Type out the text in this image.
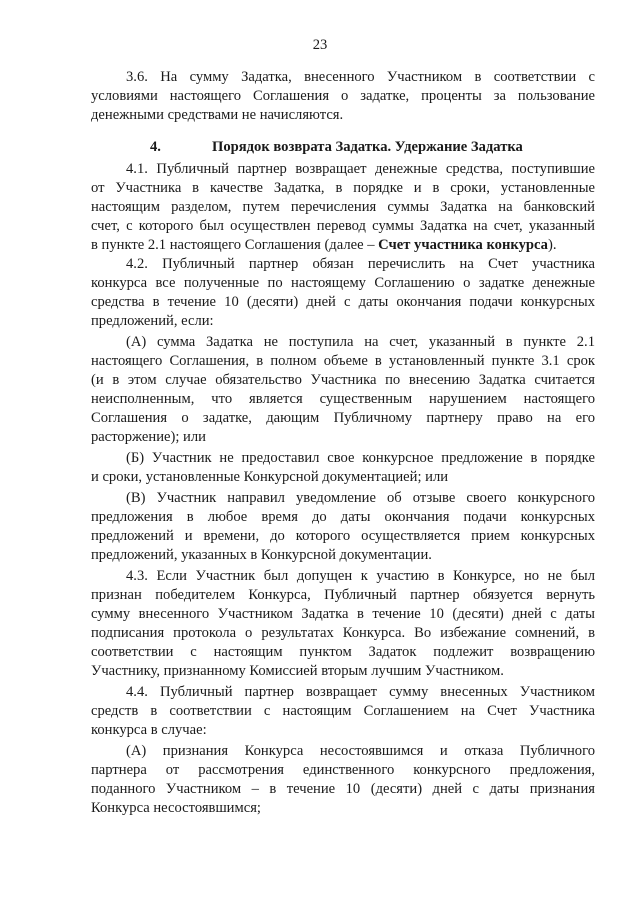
23
3.6. На сумму Задатка, внесенного Участником в соответствии с
условиями настоящего Соглашения о задатке, проценты за пользование
денежными средствами не начисляются.
4.	Порядок возврата Задатка. Удержание Задатка
4.1. Публичный партнер возвращает денежные средства, поступившие
от Участника в качестве Задатка, в порядке и в сроки, установленные
настоящим разделом, путем перечисления суммы Задатка на банковский
счет, с которого был осуществлен перевод суммы Задатка на счет, указанный
в пункте 2.1 настоящего Соглашения (далее – Счет участника конкурса).
4.2. Публичный партнер обязан перечислить на Счет участника
конкурса все полученные по настоящему Соглашению о задатке денежные
средства в течение 10 (десяти) дней с даты окончания подачи конкурсных
предложений, если:
(А) сумма Задатка не поступила на счет, указанный в пункте 2.1
настоящего Соглашения, в полном объеме в установленный пункте 3.1 срок
(и в этом случае обязательство Участника по внесению Задатка считается
неисполненным, что является существенным нарушением настоящего
Соглашения о задатке, дающим Публичному партнеру право на его
расторжение); или
(Б) Участник не предоставил свое конкурсное предложение в порядке
и сроки, установленные Конкурсной документацией; или
(В) Участник направил уведомление об отзыве своего конкурсного
предложения в любое время до даты окончания подачи конкурсных
предложений и времени, до которого осуществляется прием конкурсных
предложений, указанных в Конкурсной документации.
4.3. Если Участник был допущен к участию в Конкурсе, но не был
признан победителем Конкурса, Публичный партнер обязуется вернуть
сумму внесенного Участником Задатка в течение 10 (десяти) дней с даты
подписания протокола о результатах Конкурса. Во избежание сомнений, в
соответствии с настоящим пунктом Задаток подлежит возвращению
Участнику, признанному Комиссией вторым лучшим Участником.
4.4. Публичный партнер возвращает сумму внесенных Участником
средств в соответствии с настоящим Соглашением на Счет Участника
конкурса в случае:
(А) признания Конкурса несостоявшимся и отказа Публичного
партнера от рассмотрения единственного конкурсного предложения,
поданного Участником – в течение 10 (десяти) дней с даты признания
Конкурса несостоявшимся;
